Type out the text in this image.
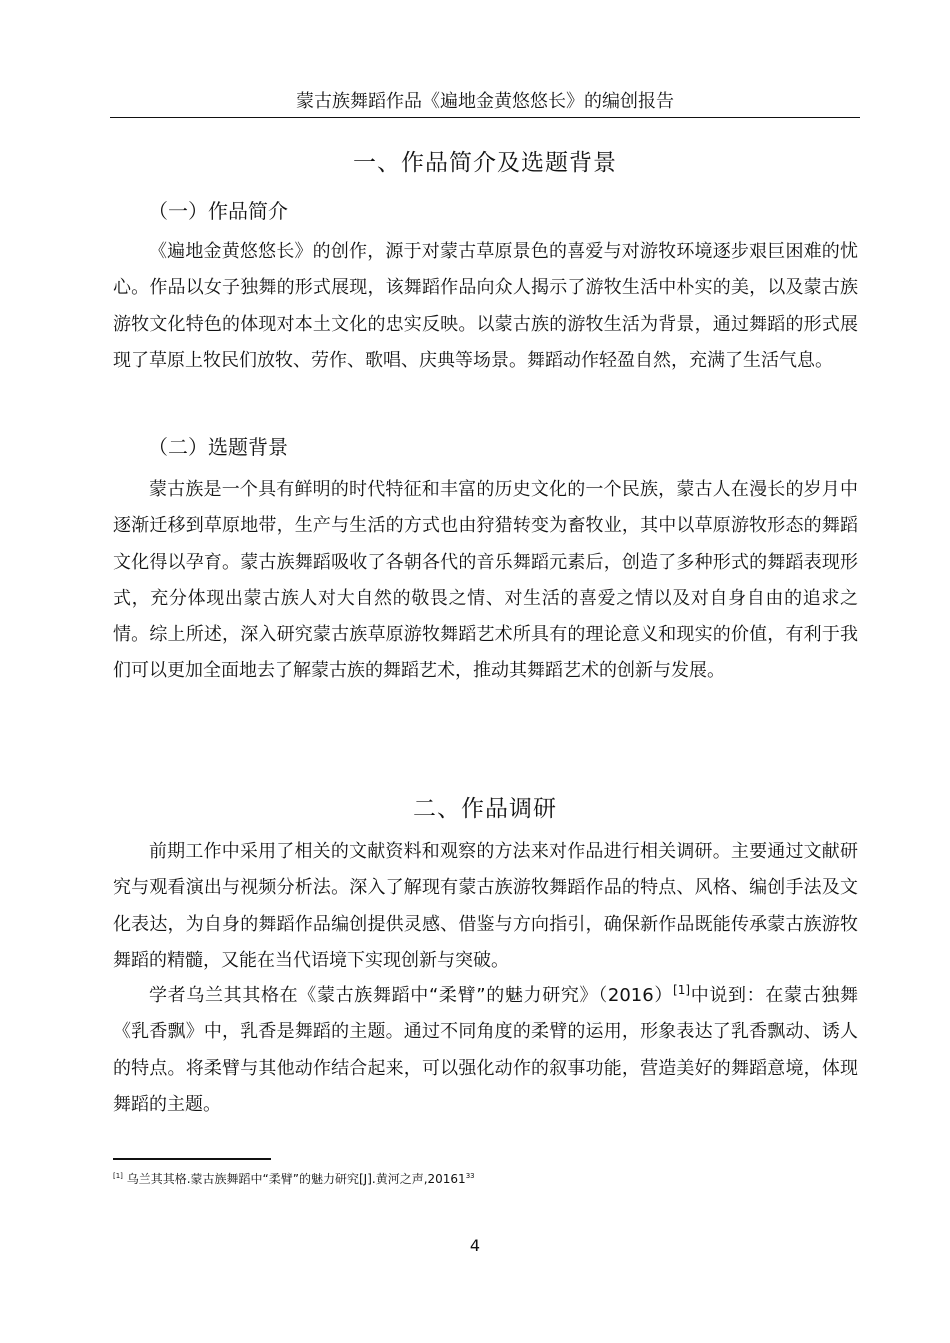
蒙古族舞蹈作品《遍地金黄悠悠长》的编创报告
一、作品简介及选题背景
（一）作品简介

《遍地金黄悠悠长》的创作，源于对蒙古草原景色的喜爱与对游牧环境逐步艰巨困难的忧心。作品以女子独舞的形式展现，该舞蹈作品向众人揭示了游牧生活中朴实的美，以及蒙古族游牧文化特色的体现对本土文化的忠实反映。以蒙古族的游牧生活为背景，通过舞蹈的形式展现了草原上牧民们放牧、劳作、歌唱、庆典等场景。舞蹈动作轻盈自然，充满了生活气息。

（二）选题背景

蒙古族是一个具有鲜明的时代特征和丰富的历史文化的一个民族，蒙古人在漫长的岁月中逐渐迁移到草原地带，生产与生活的方式也由狩猎转变为畜牧业，其中以草原游牧形态的舞蹈文化得以孕育。蒙古族舞蹈吸收了各朝各代的音乐舞蹈元素后，创造了多种形式的舞蹈表现形式，充分体现出蒙古族人对大自然的敬畏之情、对生活的喜爱之情以及对自身自由的追求之情。综上所述，深入研究蒙古族草原游牧舞蹈艺术所具有的理论意义和现实的价值，有利于我们可以更加全面地去了解蒙古族的舞蹈艺术，推动其舞蹈艺术的创新与发展。

二、作品调研

前期工作中采用了相关的文献资料和观察的方法来对作品进行相关调研。主要通过文献研究与观看演出与视频分析法。深入了解现有蒙古族游牧舞蹈作品的特点、风格、编创手法及文化表达，为自身的舞蹈作品编创提供灵感、借鉴与方向指引，确保新作品既能传承蒙古族游牧舞蹈的精髓，又能在当代语境下实现创新与突破。

学者乌兰其其格在《蒙古族舞蹈中“柔臂”的魅力研究》（2016）[1]中说到：在蒙古独舞《乳香飘》中，乳香是舞蹈的主题。通过不同角度的柔臂的运用，形象表达了乳香飘动、诱人的特点。将柔臂与其他动作结合起来，可以强化动作的叙事功能，营造美好的舞蹈意境，体现舞蹈的主题。

[1] 乌兰其其格.蒙古族舞蹈中“柔臂”的魅力研究[J].黄河之声,20161$^{33}$
4
